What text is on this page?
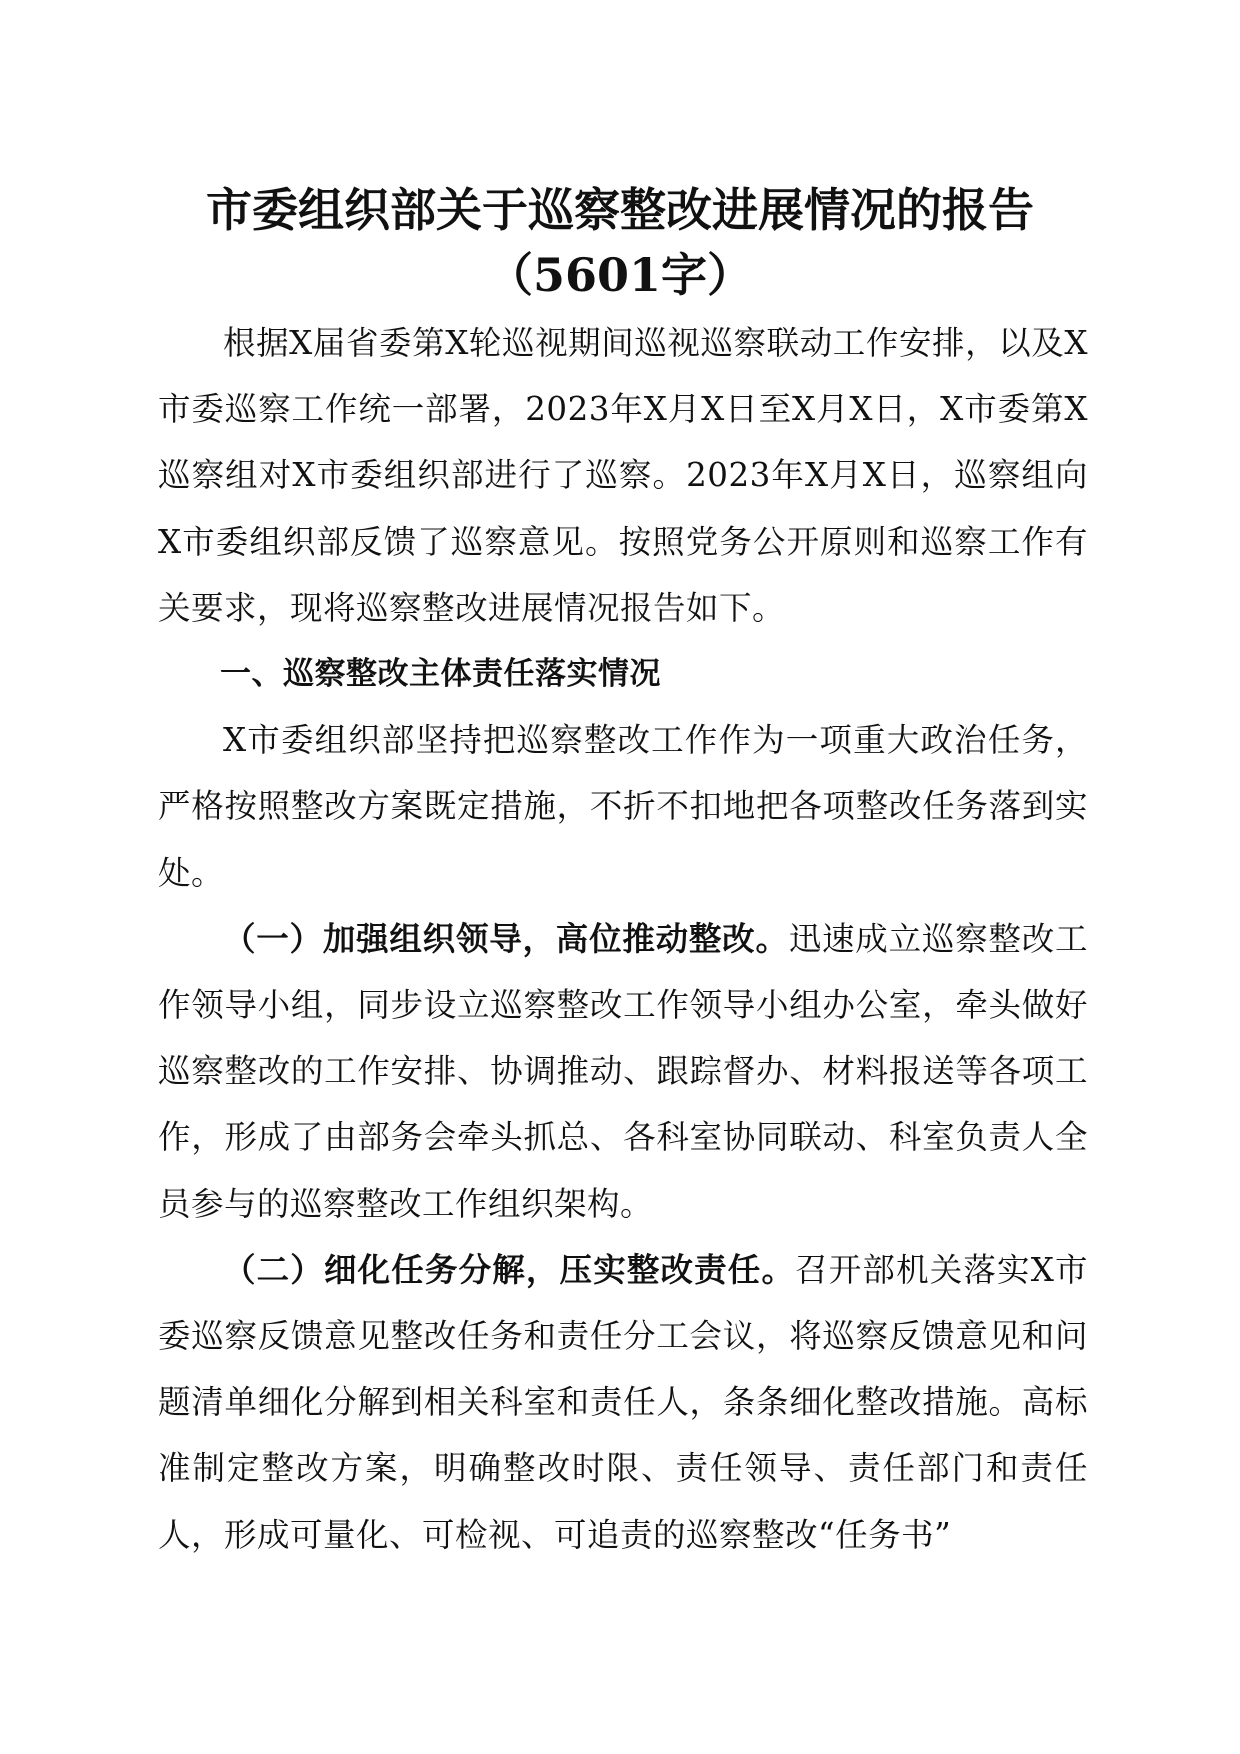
市委组织部关于巡察整改进展情况的报告
（5601字）

根据X届省委第X轮巡视期间巡视巡察联动工作安排，以及X市委巡察工作统一部署，2023年X月X日至X月X日，X市委第X巡察组对X市委组织部进行了巡察。2023年X月X日，巡察组向X市委组织部反馈了巡察意见。按照党务公开原则和巡察工作有关要求，现将巡察整改进展情况报告如下。

一、巡察整改主体责任落实情况

X市委组织部坚持把巡察整改工作作为一项重大政治任务，严格按照整改方案既定措施，不折不扣地把各项整改任务落到实处。

（一）加强组织领导，高位推动整改。迅速成立巡察整改工作领导小组，同步设立巡察整改工作领导小组办公室，牵头做好巡察整改的工作安排、协调推动、跟踪督办、材料报送等各项工作，形成了由部务会牵头抓总、各科室协同联动、科室负责人全员参与的巡察整改工作组织架构。

（二）细化任务分解，压实整改责任。召开部机关落实X市委巡察反馈意见整改任务和责任分工会议，将巡察反馈意见和问题清单细化分解到相关科室和责任人，条条细化整改措施。高标准制定整改方案，明确整改时限、责任领导、责任部门和责任人，形成可量化、可检视、可追责的巡察整改“任务书”
